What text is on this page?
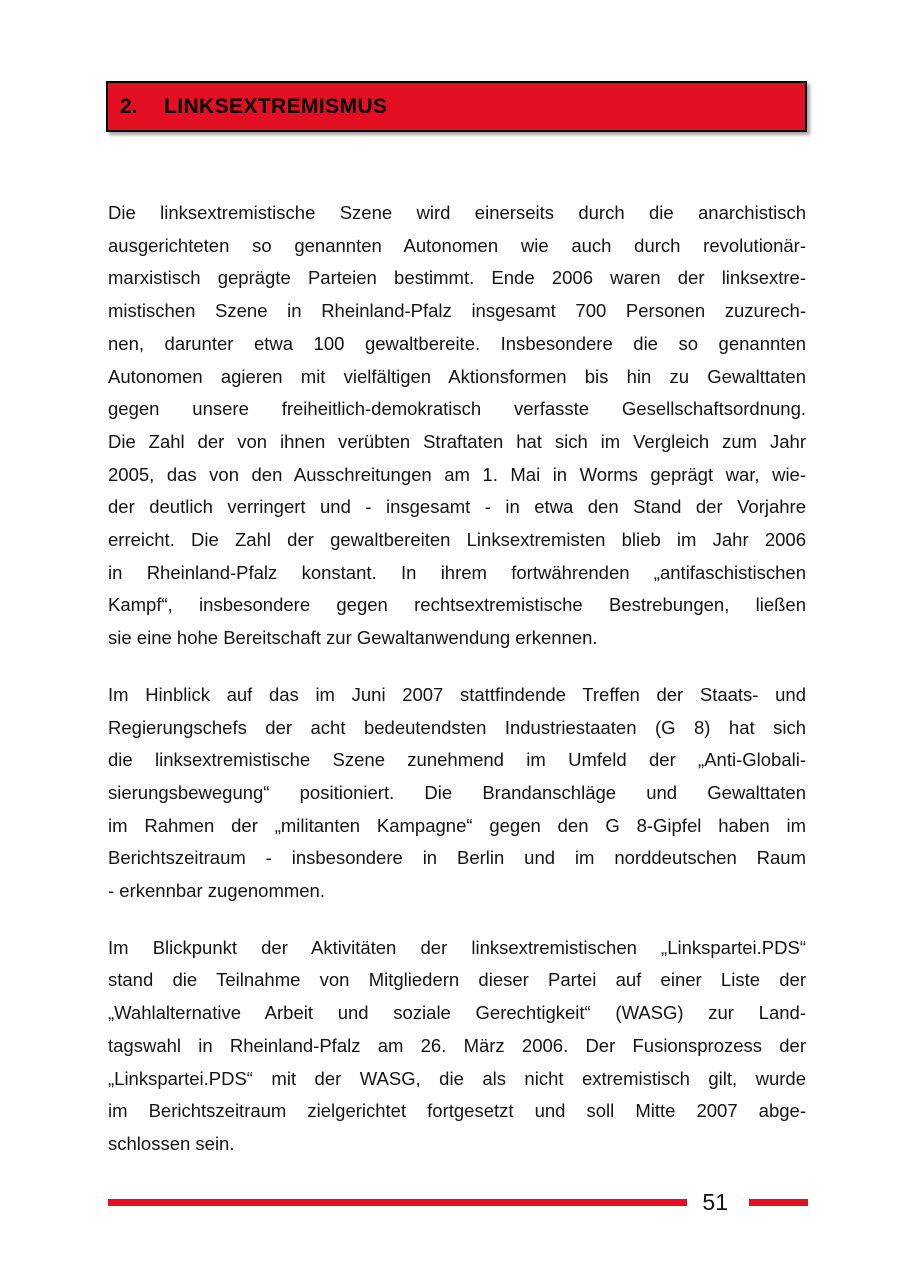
2.	LINKSEXTREMISMUS
Die linksextremistische Szene wird einerseits durch die anarchistisch
ausgerichteten so genannten Autonomen wie auch durch revolutionär-
marxistisch geprägte Parteien bestimmt. Ende 2006 waren der linksextre-
mistischen Szene in Rheinland-Pfalz insgesamt 700 Personen zuzurech-
nen, darunter etwa 100 gewaltbereite. Insbesondere die so genannten
Autonomen agieren mit vielfältigen Aktionsformen bis hin zu Gewalttaten
gegen unsere freiheitlich-demokratisch verfasste Gesellschaftsordnung.
Die Zahl der von ihnen verübten Straftaten hat sich im Vergleich zum Jahr
2005, das von den Ausschreitungen am 1. Mai in Worms geprägt war, wie-
der deutlich verringert und - insgesamt - in etwa den Stand der Vorjahre
erreicht. Die Zahl der gewaltbereiten Linksextremisten blieb im Jahr 2006
in Rheinland-Pfalz konstant. In ihrem fortwährenden „antifaschistischen
Kampf“, insbesondere gegen rechtsextremistische Bestrebungen, ließen
sie eine hohe Bereitschaft zur Gewaltanwendung erkennen.
Im Hinblick auf das im Juni 2007 stattfindende Treffen der Staats- und
Regierungschefs der acht bedeutendsten Industriestaaten (G 8) hat sich
die linksextremistische Szene zunehmend im Umfeld der „Anti-Globali-
sierungsbewegung“ positioniert. Die Brandanschläge und Gewalttaten
im Rahmen der „militanten Kampagne“ gegen den G 8-Gipfel haben im
Berichtszeitraum - insbesondere in Berlin und im norddeutschen Raum
- erkennbar zugenommen.
Im Blickpunkt der Aktivitäten der linksextremistischen „Linkspartei.PDS“
stand die Teilnahme von Mitgliedern dieser Partei auf einer Liste der
„Wahlalternative Arbeit und soziale Gerechtigkeit“ (WASG) zur Land-
tagswahl in Rheinland-Pfalz am 26. März 2006. Der Fusionsprozess der
„Linkspartei.PDS“ mit der WASG, die als nicht extremistisch gilt, wurde
im Berichtszeitraum zielgerichtet fortgesetzt und soll Mitte 2007 abge-
schlossen sein.
51
